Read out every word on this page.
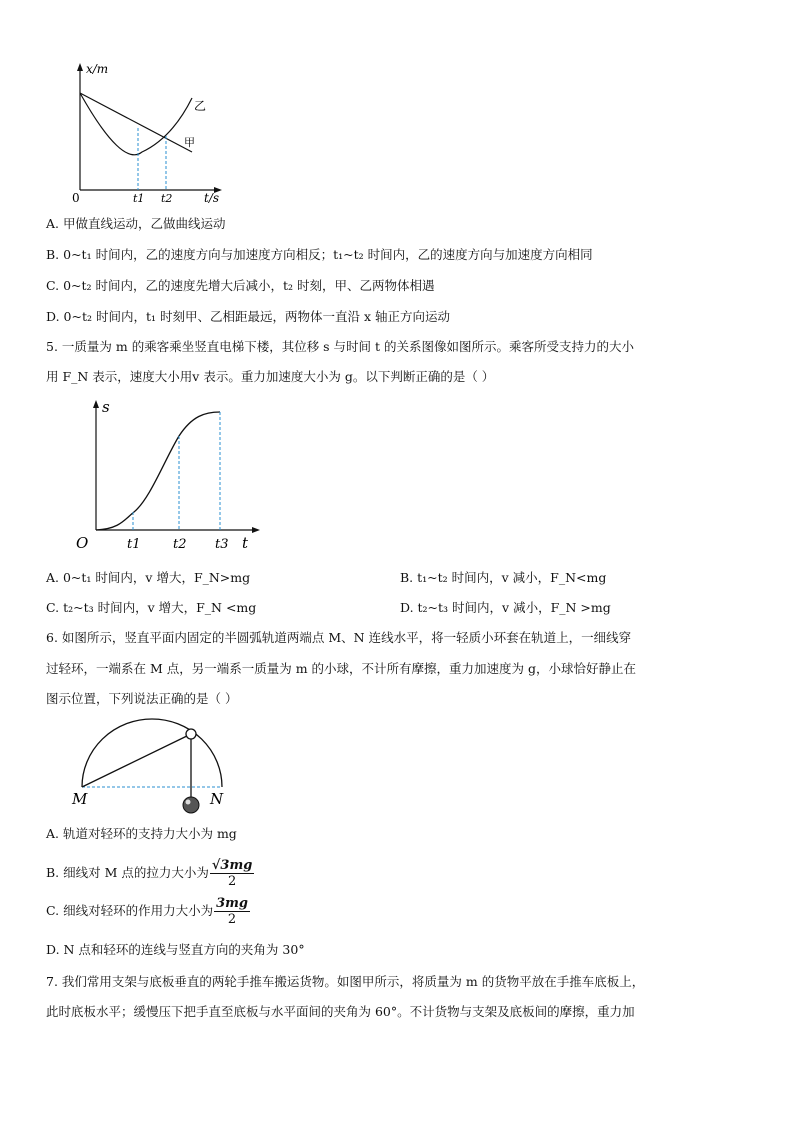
x/m
t/s
0	t1 t2
乙
甲
A. 甲做直线运动，乙做曲线运动
B. 0~t₁ 时间内，乙的速度方向与加速度方向相反；t₁~t₂ 时间内，乙的速度方向与加速度方向相同
C. 0~t₂ 时间内，乙的速度先增大后减小，t₂ 时刻，甲、乙两物体相遇
D. 0~t₂ 时间内，t₁ 时刻甲、乙相距最远，两物体一直沿 x 轴正方向运动
5. 一质量为 m 的乘客乘坐竖直电梯下楼，其位移 s 与时间 t 的关系图像如图所示。乘客所受支持力的大小
用 F_N 表示，速度大小用v 表示。重力加速度大小为 g。以下判断正确的是（ ）
s
t
O	t1	t2 t3
A. 0~t₁ 时间内，v 增大，F_N>mg	B. t₁~t₂ 时间内，v 减小，F_N<mg
C. t₂~t₃ 时间内，v 增大，F_N <mg	D. t₂~t₃ 时间内，v 减小，F_N >mg
6. 如图所示，竖直平面内固定的半圆弧轨道两端点 M、N 连线水平，将一轻质小环套在轨道上，一细线穿
过轻环，一端系在 M 点，另一端系一质量为 m 的小球，不计所有摩擦，重力加速度为 g，小球恰好静止在
图示位置，下列说法正确的是（ ）
M	N
A. 轨道对轻环的支持力大小为 mg
B. 细线对 M 点的拉力大小为 $\frac{√3mg}{2}$
C. 细线对轻环的作用力大小为 $\frac{3mg}{2}$
D. N 点和轻环的连线与竖直方向的夹角为 30°
7. 我们常用支架与底板垂直的两轮手推车搬运货物。如图甲所示，将质量为 m 的货物平放在手推车底板上，
此时底板水平；缓慢压下把手直至底板与水平面间的夹角为 60°。不计货物与支架及底板间的摩擦，重力加
